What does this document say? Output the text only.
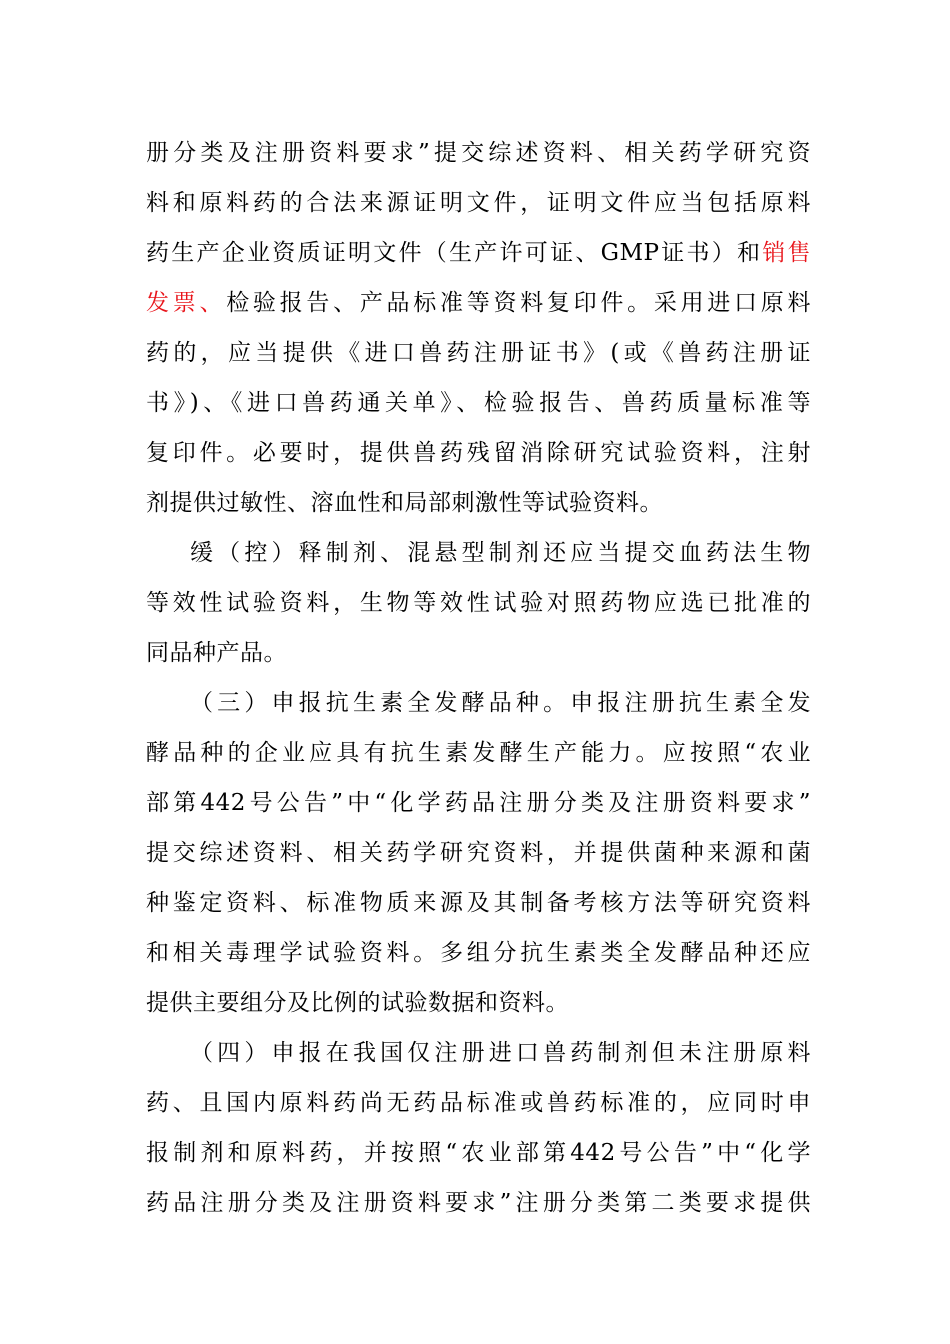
册分类及注册资料要求”提交综述资料、相关药学研究资
料和原料药的合法来源证明文件，证明文件应当包括原料
药生产企业资质证明文件（生产许可证、GMP证书）和销售
发票、检验报告、产品标准等资料复印件。采用进口原料
药的，应当提供《进口兽药注册证书》(或《兽药注册证
书》)、《进口兽药通关单》、检验报告、兽药质量标准等
复印件。必要时，提供兽药残留消除研究试验资料，注射
剂提供过敏性、溶血性和局部刺激性等试验资料。
缓（控）释制剂、混悬型制剂还应当提交血药法生物
等效性试验资料，生物等效性试验对照药物应选已批准的
同品种产品。
（三）申报抗生素全发酵品种。申报注册抗生素全发
酵品种的企业应具有抗生素发酵生产能力。应按照“农业
部第442号公告”中“化学药品注册分类及注册资料要求”
提交综述资料、相关药学研究资料，并提供菌种来源和菌
种鉴定资料、标准物质来源及其制备考核方法等研究资料
和相关毒理学试验资料。多组分抗生素类全发酵品种还应
提供主要组分及比例的试验数据和资料。
（四）申报在我国仅注册进口兽药制剂但未注册原料
药、且国内原料药尚无药品标准或兽药标准的，应同时申
报制剂和原料药，并按照“农业部第442号公告”中“化学
药品注册分类及注册资料要求”注册分类第二类要求提供
